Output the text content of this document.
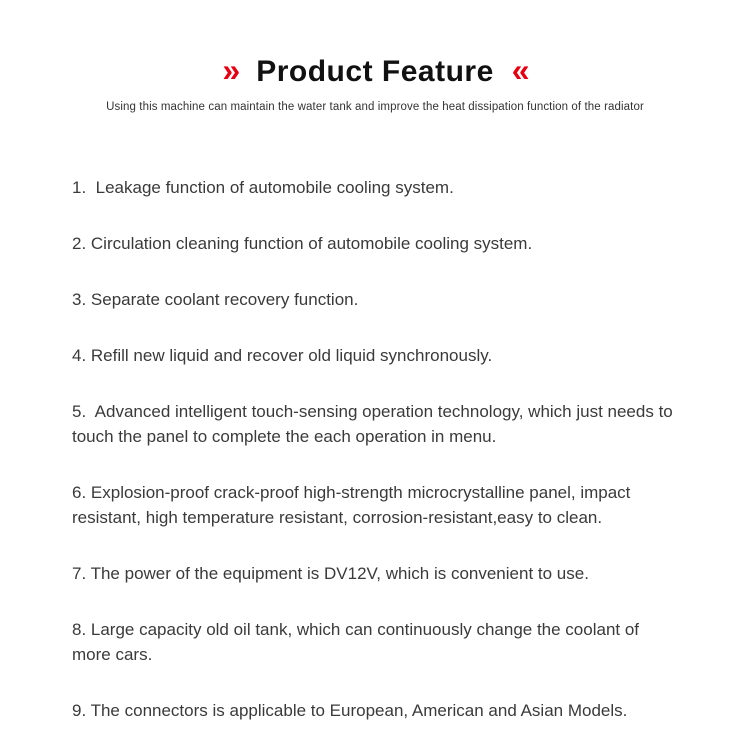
» Product Feature «
Using this machine can maintain the water tank and improve the heat dissipation function of the radiator

1.  Leakage function of automobile cooling system.

2. Circulation cleaning function of automobile cooling system.

3. Separate coolant recovery function.

4. Refill new liquid and recover old liquid synchronously.

5.  Advanced intelligent touch-sensing operation technology, which just needs to touch the panel to complete the each operation in menu.

6. Explosion-proof crack-proof high-strength microcrystalline panel, impact resistant, high temperature resistant, corrosion-resistant,easy to clean.

7. The power of the equipment is DV12V, which is convenient to use.

8. Large capacity old oil tank, which can continuously change the coolant of more cars.

9. The connectors is applicable to European, American and Asian Models.
